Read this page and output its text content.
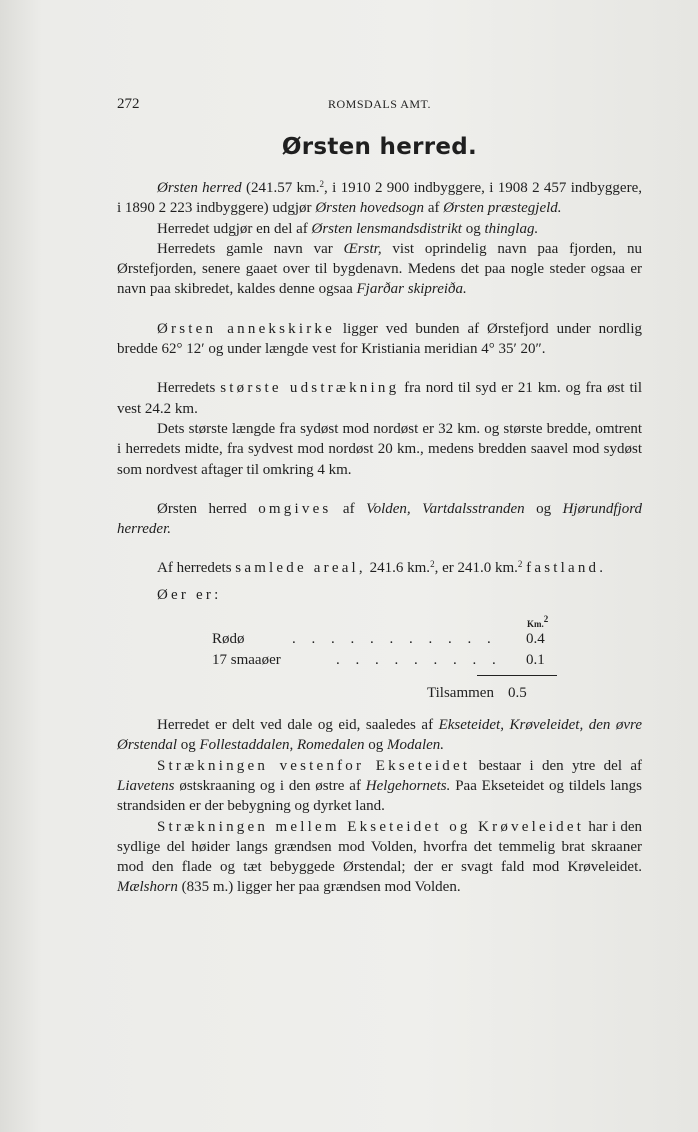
272	ROMSDALS AMT.
Ørsten herred.

Ørsten herred (241.57 km.$^2$, i 1910 2 900 indbyggere, i 1908 2 457 indbyggere, i 1890 2 223 indbyggere) udgjør Ørsten hovedsogn af Ørsten præstegjeld.

Herredet udgjør en del af Ørsten lensmandsdistrikt og thinglag.

Herredets gamle navn var Œrstr, vist oprindelig navn paa fjorden, nu Ørstefjorden, senere gaaet over til bygdenavn. Medens det paa nogle steder ogsaa er navn paa skibredet, kaldes denne ogsaa Fjarðar skipreiða.

Ørsten annekskirke ligger ved bunden af Ørstefjord under nordlig bredde 62° 12′ og under længde vest for Kristiania meridian 4° 35′ 20″.

Herredets største udstrækning fra nord til syd er 21 km. og fra øst til vest 24.2 km.

Dets største længde fra sydøst mod nordøst er 32 km. og største bredde, omtrent i herredets midte, fra sydvest mod nordøst 20 km., medens bredden saavel mod sydøst som nordvest aftager til omkring 4 km.

Ørsten herred omgives af Volden, Vartdalsstranden og Hjørundfjord herreder.

Af herredets samlede areal, 241.6 km.$^2$, er 241.0 km.$^2$ fastland.

Øer er:

Km.$^2$
Rødø	. . . . . . . . . . . 0.4
17 smaaøer	. . . . . . . . . 0.1
Tilsammen 0.5

Herredet er delt ved dale og eid, saaledes af Ekseteidet, Krøveleidet, den øvre Ørstendal og Follestaddalen, Romedalen og Modalen.

Strækningen vestenfor Ekseteidet bestaar i den ytre del af Liavetens østskraaning og i den østre af Helgehornets. Paa Ekseteidet og tildels langs strandsiden er der bebygning og dyrket land.

Strækningen mellem Ekseteidet og Krøveleidet har i den sydlige del høider langs grændsen mod Volden, hvorfra det temmelig brat skraaner mod den flade og tæt bebyggede Ørstendal; der er svagt fald mod Krøveleidet. Mælshorn (835 m.) ligger her paa grændsen mod Volden.
